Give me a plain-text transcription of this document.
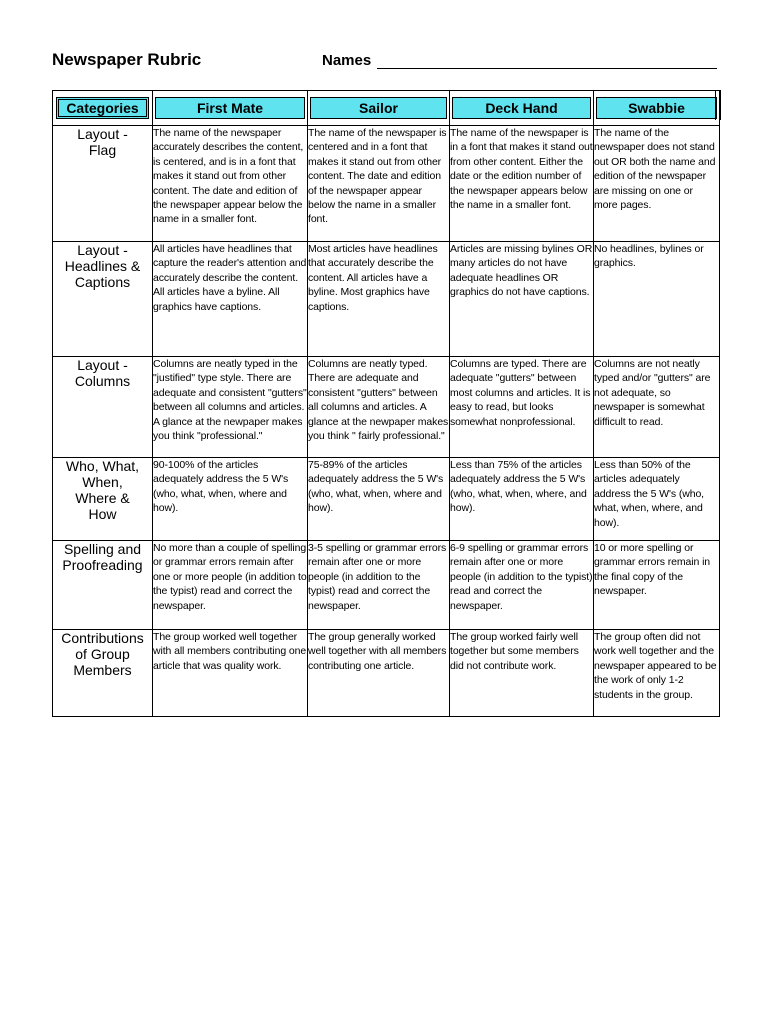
Newspaper Rubric	Names
Categories	First Mate	Sailor	Deck Hand	Swabbie

Layout -
Flag	The name of the newspaper accurately describes the content, is centered, and is in a font that makes it stand out from other content. The date and edition of the newspaper appear below the name in a smaller font.	The name of the newspaper is centered and in a font that makes it stand out from other content. The date and edition of the newspaper appear below the name in a smaller font.	The name of the newspaper is in a font that makes it stand out from other content. Either the date or the edition number of the newspaper appears below the name in a smaller font.	The name of the newspaper does not stand out OR both the name and edition of the newspaper are missing on one or more pages.
Layout -
Headlines &
Captions	All articles have headlines that capture the reader's attention and accurately describe the content. All articles have a byline. All graphics have captions.	Most articles have headlines that accurately describe the content. All articles have a byline. Most graphics have captions.	Articles are missing bylines OR many articles do not have adequate headlines OR graphics do not have captions.	No headlines, bylines or graphics.
Layout -
Columns	Columns are neatly typed in the "justified" type style. There are adequate and consistent "gutters" between all columns and articles. A glance at the newpaper makes you think "professional."	Columns are neatly typed. There are adequate and consistent "gutters" between all columns and articles. A glance at the newpaper makes you think " fairly professional."	Columns are typed. There are adequate "gutters" between most columns and articles. It is easy to read, but looks somewhat nonprofessional.	Columns are not neatly typed and/or "gutters" are not adequate, so newspaper is somewhat difficult to read.
Who, What,
When,
Where &
How	90-100% of the articles adequately address the 5 W's (who, what, when, where and how).	75-89% of the articles adequately address the 5 W's (who, what, when, where and how).	Less than 75% of the articles adequately address the 5 W's (who, what, when, where, and how).	Less than 50% of the articles adequately address the 5 W's (who, what, when, where, and how).
Spelling and
Proofreading	No more than a couple of spelling or grammar errors remain after one or more people (in addition to the typist) read and correct the newspaper.	3-5 spelling or grammar errors remain after one or more people (in addition to the typist) read and correct the newspaper.	6-9 spelling or grammar errors remain after one or more people (in addition to the typist) read and correct the newspaper.	10 or more spelling or grammar errors remain in the final copy of the newspaper.
Contributions
of Group
Members	The group worked well together with all members contributing one article that was quality work.	The group generally worked well together with all members contributing one article.	The group worked fairly well together but some members did not contribute work.	The group often did not work well together and the newspaper appeared to be the work of only 1-2 students in the group.
